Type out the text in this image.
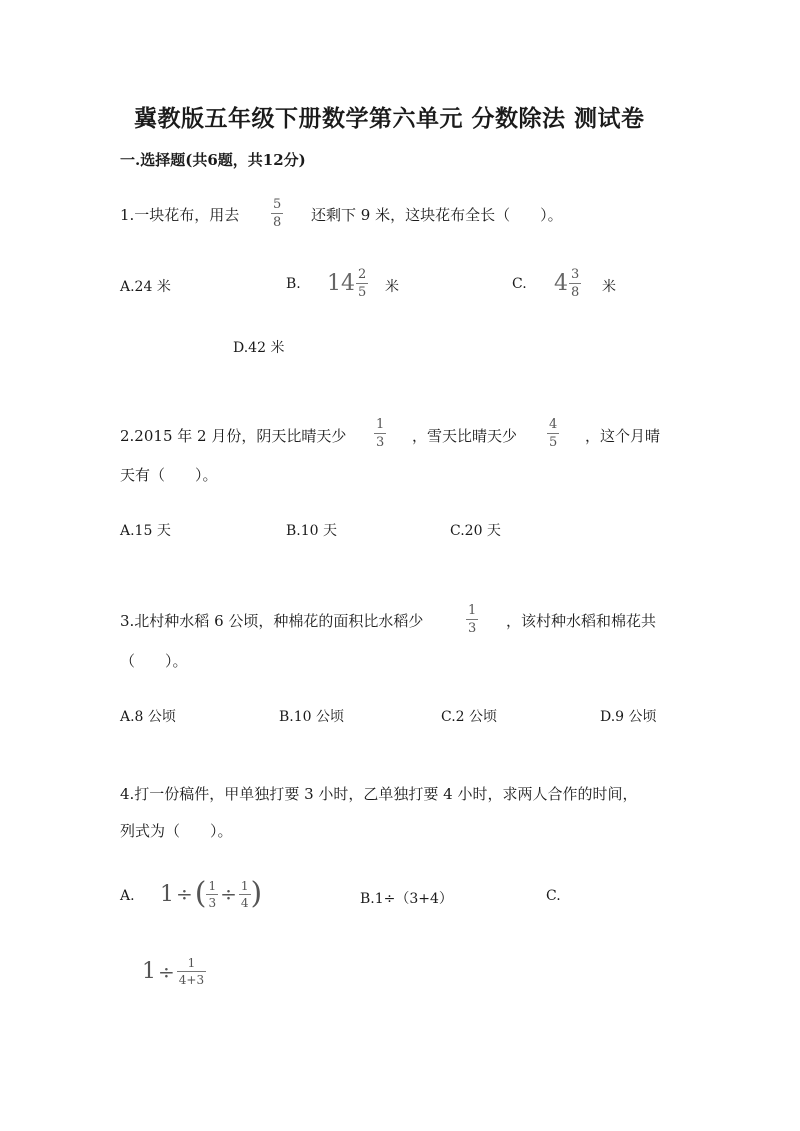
冀教版五年级下册数学第六单元 分数除法 测试卷
一.选择题(共6题，共12分)
1.一块花布，用去
5
8 还剩下 9 米，这块花布全长（　　）。
A.24 米	B. $14 \frac{2}{5}$ 米	C. $4 \frac{3}{8}$ 米
D.42 米
2.2015 年 2 月份，阴天比晴天少
1
3 ，雪天比晴天少
4
5 ，这个月晴
天有（　　）。
A.15 天	B.10 天	C.20 天
3.北村种水稻 6 公顷，种棉花的面积比水稻少
1
3 ，该村种水稻和棉花共
（　　）。
A.8 公顷	B.10 公顷	C.2 公顷	D.9 公顷
4.打一份稿件，甲单独打要 3 小时，乙单独打要 4 小时，求两人合作的时间，
列式为（　　）。
A. 1 ÷ ( $\frac{1}{3} \div \frac{1}{4}$ )	B.1÷（3+4）	C.
$1 \div \frac{1}{4+3}$
